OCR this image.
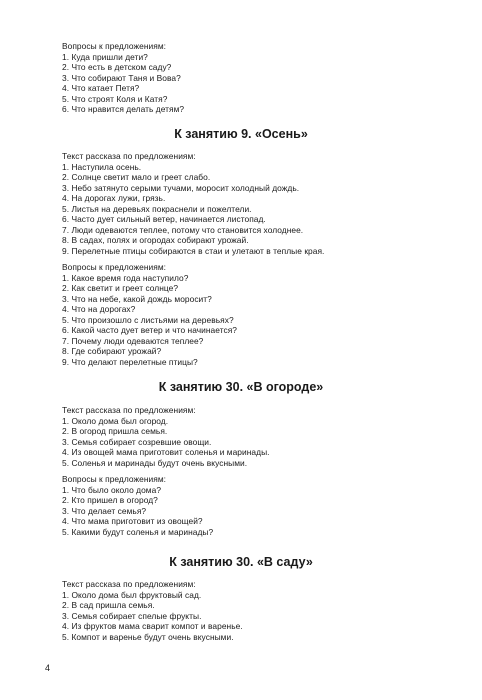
Вопросы к предложениям:
1. Куда пришли дети?
2. Что есть в детском саду?
3. Что собирают Таня и Вова?
4. Что катает Петя?
5. Что строят Коля и Катя?
6. Что нравится делать детям?
К занятию 9. «Осень»
Текст рассказа по предложениям:
1. Наступила осень.
2. Солнце светит мало и греет слабо.
3. Небо затянуто серыми тучами, моросит холодный дождь.
4. На дорогах лужи, грязь.
5. Листья на деревьях покраснели и пожелтели.
6. Часто дует сильный ветер, начинается листопад.
7. Люди одеваются теплее, потому что становится холоднее.
8. В садах, полях и огородах собирают урожай.
9. Перелетные птицы собираются в стаи и улетают в теплые края.
Вопросы к предложениям:
1. Какое время года наступило?
2. Как светит и греет солнце?
3. Что на небе, какой дождь моросит?
4. Что на дорогах?
5. Что произошло с листьями на деревьях?
6. Какой часто дует ветер и что начинается?
7. Почему люди одеваются теплее?
8. Где собирают урожай?
9. Что делают перелетные птицы?
К занятию 30. «В огороде»
Текст рассказа по предложениям:
1. Около дома был огород.
2. В огород пришла семья.
3. Семья собирает созревшие овощи.
4. Из овощей мама приготовит соленья и маринады.
5. Соленья и маринады будут очень вкусными.
Вопросы к предложениям:
1. Что было около дома?
2. Кто пришел в огород?
3. Что делает семья?
4. Что мама приготовит из овощей?
5. Какими будут соленья и маринады?
К занятию 30. «В саду»
Текст рассказа по предложениям:
1. Около дома был фруктовый сад.
2. В сад пришла семья.
3. Семья собирает спелые фрукты.
4. Из фруктов мама сварит компот и варенье.
5. Компот и варенье будут очень вкусными.
4
